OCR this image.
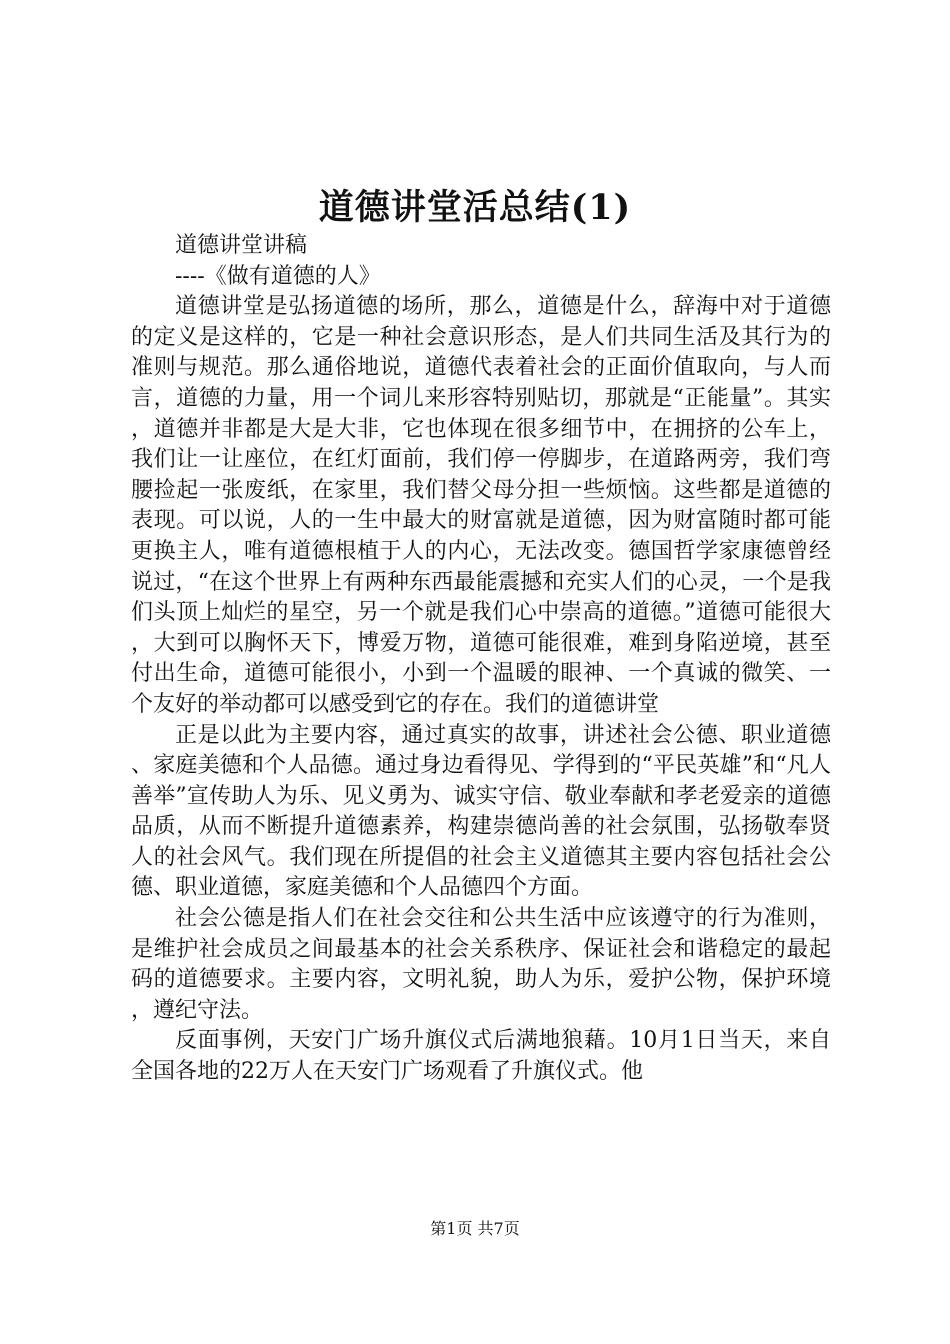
道德讲堂活总结(1)

道德讲堂讲稿

----《做有道德的人》

道德讲堂是弘扬道德的场所，那么，道德是什么，辞海中对于道德的定义是这样的，它是一种社会意识形态，是人们共同生活及其行为的准则与规范。那么通俗地说，道德代表着社会的正面价值取向，与人而言，道德的力量，用一个词儿来形容特别贴切，那就是“正能量”。其实，道德并非都是大是大非，它也体现在很多细节中，在拥挤的公车上，我们让一让座位，在红灯面前，我们停一停脚步，在道路两旁，我们弯腰捡起一张废纸，在家里，我们替父母分担一些烦恼。这些都是道德的表现。可以说，人的一生中最大的财富就是道德，因为财富随时都可能更换主人，唯有道德根植于人的内心，无法改变。德国哲学家康德曾经说过，“在这个世界上有两种东西最能震撼和充实人们的心灵，一个是我们头顶上灿烂的星空，另一个就是我们心中崇高的道德。”道德可能很大，大到可以胸怀天下，博爱万物，道德可能很难，难到身陷逆境，甚至付出生命，道德可能很小，小到一个温暖的眼神、一个真诚的微笑、一个友好的举动都可以感受到它的存在。我们的道德讲堂

正是以此为主要内容，通过真实的故事，讲述社会公德、职业道德、家庭美德和个人品德。通过身边看得见、学得到的“平民英雄”和“凡人善举”宣传助人为乐、见义勇为、诚实守信、敬业奉献和孝老爱亲的道德品质，从而不断提升道德素养，构建崇德尚善的社会氛围，弘扬敬奉贤人的社会风气。我们现在所提倡的社会主义道德其主要内容包括社会公德、职业道德，家庭美德和个人品德四个方面。

社会公德是指人们在社会交往和公共生活中应该遵守的行为准则，是维护社会成员之间最基本的社会关系秩序、保证社会和谐稳定的最起码的道德要求。主要内容，文明礼貌，助人为乐，爱护公物，保护环境，遵纪守法。

反面事例，天安门广场升旗仪式后满地狼藉。10月1日当天，来自全国各地的22万人在天安门广场观看了升旗仪式。他

第1页 共7页
